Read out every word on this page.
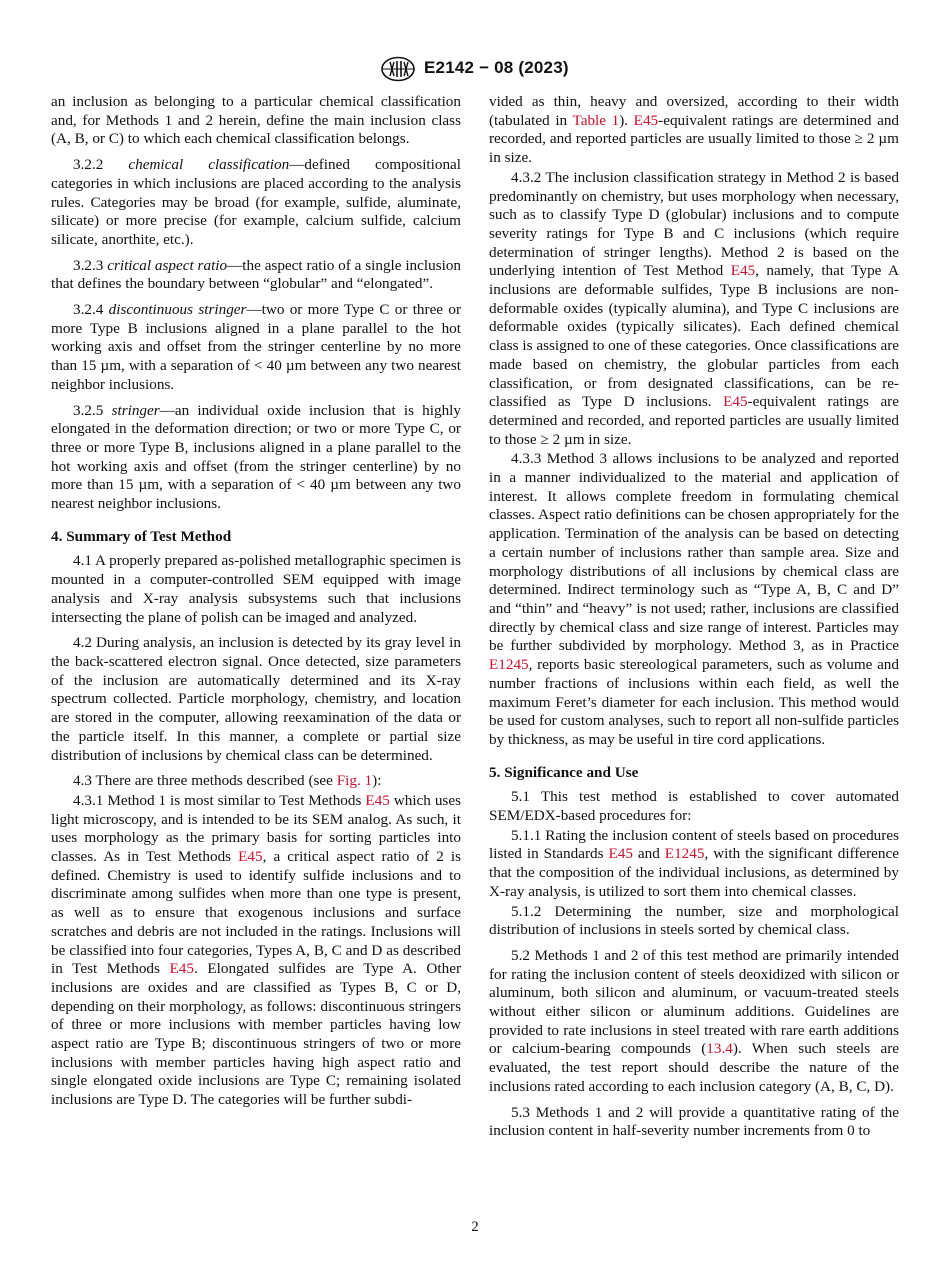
E2142 − 08 (2023)

an inclusion as belonging to a particular chemical classification and, for Methods 1 and 2 herein, define the main inclusion class (A, B, or C) to which each chemical classification belongs.

3.2.2 chemical classification—defined compositional categories in which inclusions are placed according to the analysis rules. Categories may be broad (for example, sulfide, aluminate, silicate) or more precise (for example, calcium sulfide, calcium silicate, anorthite, etc.).

3.2.3 critical aspect ratio—the aspect ratio of a single inclusion that defines the boundary between “globular” and “elongated”.

3.2.4 discontinuous stringer—two or more Type C or three or more Type B inclusions aligned in a plane parallel to the hot working axis and offset from the stringer centerline by no more than 15 µm, with a separation of < 40 µm between any two nearest neighbor inclusions.

3.2.5 stringer—an individual oxide inclusion that is highly elongated in the deformation direction; or two or more Type C, or three or more Type B, inclusions aligned in a plane parallel to the hot working axis and offset (from the stringer centerline) by no more than 15 µm, with a separation of < 40 µm between any two nearest neighbor inclusions.

4. Summary of Test Method

4.1 A properly prepared as-polished metallographic specimen is mounted in a computer-controlled SEM equipped with image analysis and X-ray analysis subsystems such that inclusions intersecting the plane of polish can be imaged and analyzed.

4.2 During analysis, an inclusion is detected by its gray level in the back-scattered electron signal. Once detected, size parameters of the inclusion are automatically determined and its X-ray spectrum collected. Particle morphology, chemistry, and location are stored in the computer, allowing reexamination of the data or the particle itself. In this manner, a complete or partial size distribution of inclusions by chemical class can be determined.

4.3 There are three methods described (see Fig. 1):

4.3.1 Method 1 is most similar to Test Methods E45 which uses light microscopy, and is intended to be its SEM analog. As such, it uses morphology as the primary basis for sorting particles into classes. As in Test Methods E45, a critical aspect ratio of 2 is defined. Chemistry is used to identify sulfide inclusions and to discriminate among sulfides when more than one type is present, as well as to ensure that exogenous inclusions and surface scratches and debris are not included in the ratings. Inclusions will be classified into four categories, Types A, B, C and D as described in Test Methods E45. Elongated sulfides are Type A. Other inclusions are oxides and are classified as Types B, C or D, depending on their morphology, as follows: discontinuous stringers of three or more inclusions with member particles having low aspect ratio are Type B; discontinuous stringers of two or more inclusions with member particles having high aspect ratio and single elongated oxide inclusions are Type C; remaining isolated inclusions are Type D. The categories will be further subdi-

vided as thin, heavy and oversized, according to their width (tabulated in Table 1). E45-equivalent ratings are determined and recorded, and reported particles are usually limited to those ≥ 2 µm in size.

4.3.2 The inclusion classification strategy in Method 2 is based predominantly on chemistry, but uses morphology when necessary, such as to classify Type D (globular) inclusions and to compute severity ratings for Type B and C inclusions (which require determination of stringer lengths). Method 2 is based on the underlying intention of Test Method E45, namely, that Type A inclusions are deformable sulfides, Type B inclusions are non-deformable oxides (typically alumina), and Type C inclusions are deformable oxides (typically silicates). Each defined chemical class is assigned to one of these categories. Once classifications are made based on chemistry, the globular particles from each classification, or from designated classifications, can be re-classified as Type D inclusions. E45-equivalent ratings are determined and recorded, and reported particles are usually limited to those ≥ 2 µm in size.

4.3.3 Method 3 allows inclusions to be analyzed and reported in a manner individualized to the material and application of interest. It allows complete freedom in formulating chemical classes. Aspect ratio definitions can be chosen appropriately for the application. Termination of the analysis can be based on detecting a certain number of inclusions rather than sample area. Size and morphology distributions of all inclusions by chemical class are determined. Indirect terminology such as “Type A, B, C and D” and “thin” and “heavy” is not used; rather, inclusions are classified directly by chemical class and size range of interest. Particles may be further subdivided by morphology. Method 3, as in Practice E1245, reports basic stereological parameters, such as volume and number fractions of inclusions within each field, as well the maximum Feret’s diameter for each inclusion. This method would be used for custom analyses, such to report all non-sulfide particles by thickness, as may be useful in tire cord applications.

5. Significance and Use

5.1 This test method is established to cover automated SEM/EDX-based procedures for:

5.1.1 Rating the inclusion content of steels based on procedures listed in Standards E45 and E1245, with the significant difference that the composition of the individual inclusions, as determined by X-ray analysis, is utilized to sort them into chemical classes.

5.1.2 Determining the number, size and morphological distribution of inclusions in steels sorted by chemical class.

5.2 Methods 1 and 2 of this test method are primarily intended for rating the inclusion content of steels deoxidized with silicon or aluminum, both silicon and aluminum, or vacuum-treated steels without either silicon or aluminum additions. Guidelines are provided to rate inclusions in steel treated with rare earth additions or calcium-bearing compounds (13.4). When such steels are evaluated, the test report should describe the nature of the inclusions rated according to each inclusion category (A, B, C, D).

5.3 Methods 1 and 2 will provide a quantitative rating of the inclusion content in half-severity number increments from 0 to

2
